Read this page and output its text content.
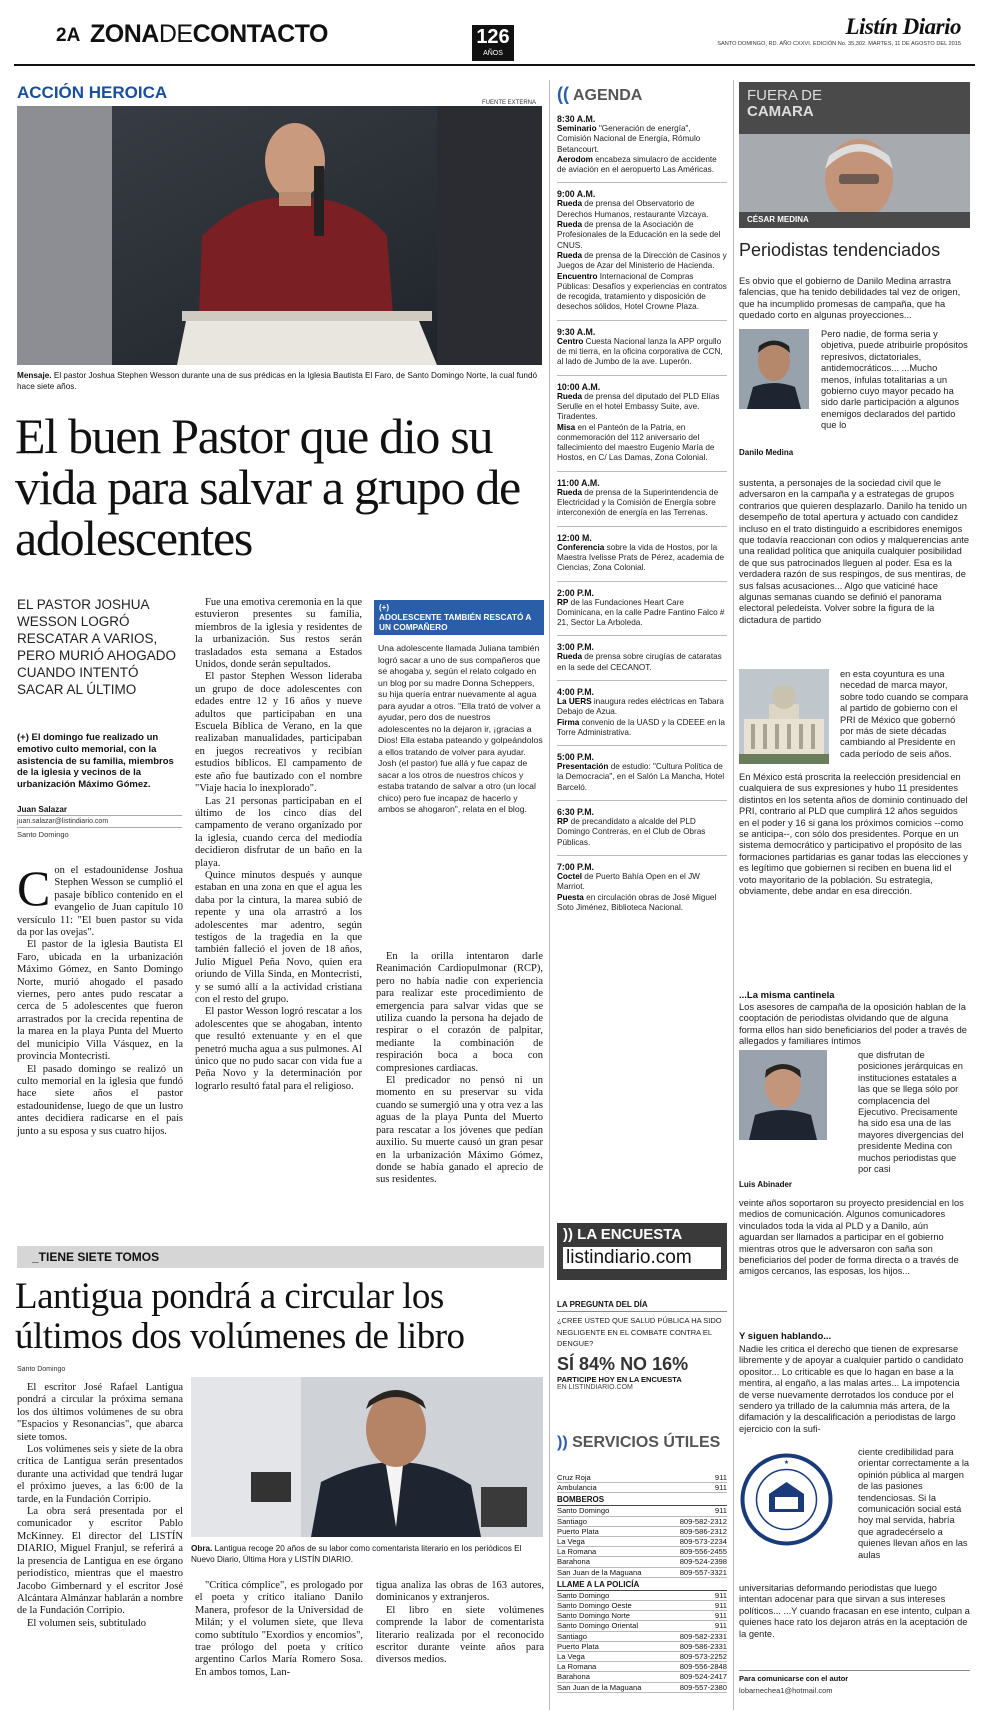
2A ZONADECONTACTO	126
AÑOS
Listín Diario
SANTO DOMINGO, RD. AÑO CXXVI. EDICIÓN No. 35,302. MARTES, 11 DE AGOSTO DEL 2015
ACCIÓN HEROICA
FUENTE EXTERNA
Mensaje. El pastor Joshua Stephen Wesson durante una de sus prédicas en la Iglesia Bautista El Faro, de Santo Domingo Norte, la cual fundó hace siete años.
El buen Pastor que dio su vida para salvar a grupo de adolescentes
EL PASTOR JOSHUA WESSON LOGRÓ RESCATAR A VARIOS, PERO MURIÓ AHOGADO CUANDO INTENTÓ SACAR AL ÚLTIMO
(+) El domingo fue realizado un emotivo culto memorial, con la asistencia de su familia, miembros de la iglesia y vecinos de la urbanización Máximo Gómez.
Juan Salazar
juan.salazar@listindiario.com
Santo Domingo
C on el estadounidense Joshua Stephen Wesson se cumplió el pasaje bíblico contenido en el evangelio de Juan capítulo 10 versículo 11: "El buen pastor su vida da por las ovejas".

El pastor de la iglesia Bautista El Faro, ubicada en la urbanización Máximo Gómez, en Santo Domingo Norte, murió ahogado el pasado viernes, pero antes pudo rescatar a cerca de 5 adolescentes que fueron arrastrados por la crecida repentina de la marea en la playa Punta del Muerto del municipio Villa Vásquez, en la provincia Montecristi.

El pasado domingo se realizó un culto memorial en la iglesia que fundó hace siete años el pastor estadounidense, luego de que un lustro antes decidiera radicarse en el país junto a su esposa y sus cuatro hijos.

Fue una emotiva ceremonia en la que estuvieron presentes su familia, miembros de la iglesia y residentes de la urbanización. Sus restos serán trasladados esta semana a Estados Unidos, donde serán sepultados.

El pastor Stephen Wesson lideraba un grupo de doce adolescentes con edades entre 12 y 16 años y nueve adultos que participaban en una Escuela Bíblica de Verano, en la que realizaban manualidades, participaban en juegos recreativos y recibían estudios bíblicos. El campamento de este año fue bautizado con el nombre "Viaje hacia lo inexplorado".

Las 21 personas participaban en el último de los cinco días del campamento de verano organizado por la iglesia, cuando cerca del mediodía decidieron disfrutar de un baño en la playa.

Quince minutos después y aunque estaban en una zona en que el agua les daba por la cintura, la marea subió de repente y una ola arrastró a los adolescentes mar adentro, según testigos de la tragedia en la que también falleció el joven de 18 años, Julio Miguel Peña Novo, quien era oriundo de Villa Sinda, en Montecristi, y se sumó allí a la actividad cristiana con el resto del grupo.

El pastor Wesson logró rescatar a los adolescentes que se ahogaban, intento que resultó extenuante y en el que penetró mucha agua a sus pulmones. Al único que no pudo sacar con vida fue a Peña Novo y la determinación por lograrlo resultó fatal para el religioso.

(+)
ADOLESCENTE TAMBIÉN RESCATÓ A UN COMPAÑERO
Una adolescente llamada Juliana también logró sacar a uno de sus compañeros que se ahogaba y, según el relato colgado en un blog por su madre Donna Scheppers, su hija quería entrar nuevamente al agua para ayudar a otros. "Ella trató de volver a ayudar, pero dos de nuestros adolescentes no la dejaron ir, ¡gracias a Dios! Ella estaba pateando y golpeándolos a ellos tratando de volver para ayudar. Josh (el pastor) fue allá y fue capaz de sacar a los otros de nuestros chicos y estaba tratando de salvar a otro (un local chico) pero fue incapaz de hacerlo y ambos se ahogaron", relata en el blog.

En la orilla intentaron darle Reanimación Cardiopulmonar (RCP), pero no había nadie con experiencia para realizar este procedimiento de emergencia para salvar vidas que se utiliza cuando la persona ha dejado de respirar o el corazón de palpitar, mediante la combinación de respiración boca a boca con compresiones cardiacas.

El predicador no pensó ni un momento en su preservar su vida cuando se sumergió una y otra vez a las aguas de la playa Punta del Muerto para rescatar a los jóvenes que pedían auxilio. Su muerte causó un gran pesar en la urbanización Máximo Gómez, donde se había ganado el aprecio de sus residentes.

_TIENE SIETE TOMOS
Lantigua pondrá a circular los últimos dos volúmenes de libro
Santo Domingo

El escritor José Rafael Lantigua pondrá a circular la próxima semana los dos últimos volúmenes de su obra "Espacios y Resonancias", que abarca siete tomos.

Los volúmenes seis y siete de la obra crítica de Lantigua serán presentados durante una actividad que tendrá lugar el próximo jueves, a las 6:00 de la tarde, en la Fundación Corripio.

La obra será presentada por el comunicador y escritor Pablo McKinney. El director del LISTÍN DIARIO, Miguel Franjul, se referirá a la presencia de Lantigua en ese órgano periodístico, mientras que el maestro Jacobo Gimbernard y el escritor José Alcántara Almánzar hablarán a nombre de la Fundación Corripio.

El volumen seis, subtitulado

Obra. Lantigua recoge 20 años de su labor como comentarista literario en los periódicos El Nuevo Diario, Última Hora y LISTÍN DIARIO.

"Crítica cómplice", es prologado por el poeta y crítico italiano Danilo Manera, profesor de la Universidad de Milán; y el volumen siete, que lleva como subtítulo "Exordios y encomios", trae prólogo del poeta y crítico argentino Carlos María Romero Sosa. En ambos tomos, Lan-

tigua analiza las obras de 163 autores, dominicanos y extranjeros.

El libro en siete volúmenes comprende la labor de comentarista literario realizada por el reconocido escritor durante veinte años para diversos medios.

(( AGENDA
8:30 A.M.

Seminario "Generación de energía", Comisión Nacional de Energía, Rómulo Betancourt.

Aerodom encabeza simulacro de accidente de aviación en el aeropuerto Las Américas.

9:00 A.M.

Rueda de prensa del Observatorio de Derechos Humanos, restaurante Vizcaya.

Rueda de prensa de la Asociación de Profesionales de la Educación en la sede del CNUS.

Rueda de prensa de la Dirección de Casinos y Juegos de Azar del Ministerio de Hacienda.

Encuentro Internacional de Compras Públicas: Desafíos y experiencias en contratos de recogida, tratamiento y disposición de desechos sólidos, Hotel Crowne Plaza.

9:30 A.M.

Centro Cuesta Nacional lanza la APP orgullo de mi tierra, en la oficina corporativa de CCN, al lado de Jumbo de la ave. Luperón.

10:00 A.M.

Rueda de prensa del diputado del PLD Elías Serulle en el hotel Embassy Suite, ave. Tiradentes.

Misa en el Panteón de la Patria, en conmemoración del 112 aniversario del fallecimiento del maestro Eugenio María de Hostos, en C/ Las Damas, Zona Colonial.

11:00 A.M.

Rueda de prensa de la Superintendencia de Electricidad y la Comisión de Energía sobre interconexión de energía en las Terrenas.

12:00 M.

Conferencia sobre la vida de Hostos, por la Maestra Ivelisse Prats de Pérez, academia de Ciencias, Zona Colonial.

2:00 P.M.

RP de las Fundaciones Heart Care Dominicana, en la calle Padre Fantino Falco # 21, Sector La Arboleda.

3:00 P.M.

Rueda de prensa sobre cirugías de cataratas en la sede del CECANOT.

4:00 P.M.

La UERS inaugura redes eléctricas en Tabara Debajo de Azua.

Firma convenio de la UASD y la CDEEE en la Torre Administrativa.

5:00 P.M.

Presentación de estudio: "Cultura Política de la Democracia", en el Salón La Mancha, Hotel Barceló.

6:30 P.M.

RP de precandidato a alcalde del PLD Domingo Contreras, en el Club de Obras Públicas.

7:00 P.M.

Coctel de Puerto Bahía Open en el JW Marriot.

Puesta en circulación obras de José Miguel Soto Jiménez, Biblioteca Nacional.

)) LA ENCUESTA
listindiario.com
LA PREGUNTA DEL DÍA
¿CREE USTED QUE SALUD PÚBLICA HA SIDO NEGLIGENTE EN EL COMBATE CONTRA EL DENGUE?
SÍ 84% NO 16%
PARTICIPE HOY EN LA ENCUESTA
EN LISTINDIARIO.COM
)) SERVICIOS ÚTILES
Cruz Roja	911
Ambulancia	911
BOMBEROS
Santo Domingo	911
Santiago	809-582-2312
Puerto Plata	809-586-2312
La Vega	809-573-2234
La Romana	809-556-2455
Barahona	809-524-2398
San Juan de la Maguana	809-557-3321
LLAME A LA POLICÍA
Santo Domingo	911
Santo Domingo Oeste	911
Santo Domingo Norte	911
Santo Domingo Oriental	911
Santiago	809-582-2331
Puerto Plata	809-586-2331
La Vega	809-573-2252
La Romana	809-556-2848
Barahona	809-524-2417
San Juan de la Maguana	809-557-2380
FUERA DE
CAMARA
CÉSAR MEDINA
Periodistas tendenciados
Es obvio que el gobierno de Danilo Medina arrastra falencias, que ha tenido debilidades tal vez de origen, que ha incumplido promesas de campaña, que ha quedado corto en algunas proyecciones...
Danilo Medina
Pero nadie, de forma seria y objetiva, puede atribuirle propósitos represivos, dictatoriales, antidemocráticos... ...Mucho menos, ínfulas totalitarias a un gobierno cuyo mayor pecado ha sido darle participación a algunos enemigos declarados del partido que lo
sustenta, a personajes de la sociedad civil que le adversaron en la campaña y a estrategas de grupos contrarios que quieren desplazarlo. Danilo ha tenido un desempeño de total apertura y actuado con candidez incluso en el trato distinguido a escribidores enemigos que todavía reaccionan con odios y malquerencias ante una realidad política que aniquila cualquier posibilidad de que sus patrocinados lleguen al poder. Esa es la verdadera razón de sus respingos, de sus mentiras, de sus falsas acusaciones... Algo que vaticiné hace algunas semanas cuando se definió el panorama electoral peledeista. Volver sobre la figura de la dictadura de partido
en esta coyuntura es una necedad de marca mayor, sobre todo cuando se compara al partido de gobierno con el PRI de México que gobernó por más de siete décadas cambiando al Presidente en cada período de seis años.
En México está proscrita la reelección presidencial en cualquiera de sus expresiones y hubo 11 presidentes distintos en los setenta años de dominio continuado del PRI, contrario al PLD que cumplirá 12 años seguidos en el poder y 16 si gana los próximos comicios --como se anticipa--, con sólo dos presidentes. Porque en un sistema democrático y participativo el propósito de las formaciones partidarias es ganar todas las elecciones y es legítimo que gobiernen si reciben en buena lid el voto mayoritario de la población. Su estrategia, obviamente, debe andar en esa dirección.
...La misma cantinela
Los asesores de campaña de la oposición hablan de la cooptación de periodistas olvidando que de alguna forma ellos han sido beneficiarios del poder a través de allegados y familiares íntimos
Luis Abinader
que disfrutan de posiciones jerárquicas en instituciones estatales a las que se llega sólo por complacencia del Ejecutivo. Precisamente ha sido esa una de las mayores divergencias del presidente Medina con muchos periodistas que por casi
veinte años soportaron su proyecto presidencial en los medios de comunicación. Algunos comunicadores vinculados toda la vida al PLD y a Danilo, aún aguardan ser llamados a participar en el gobierno mientras otros que le adversaron con saña son beneficiarios del poder de forma directa o a través de amigos cercanos, las esposas, los hijos...
Y siguen hablando...
Nadie les critica el derecho que tienen de expresarse libremente y de apoyar a cualquier partido o candidato opositor... Lo criticable es que lo hagan en base a la mentira, al engaño, a las malas artes... La impotencia de verse nuevamente derrotados los conduce por el sendero ya trillado de la calumnia más artera, de la difamación y la descalificación a periodistas de largo ejercicio con la sufi-
★
ciente credibilidad para orientar correctamente a la opinión pública al margen de las pasiones tendenciosas. Si la comunicación social está hoy mal servida, habría que agradecérselo a quienes llevan años en las aulas
universitarias deformando periodistas que luego intentan adocenar para que sirvan a sus intereses políticos... ...Y cuando fracasan en ese intento, culpan a quienes hace rato los dejaron atrás en la aceptación de la gente.
Para comunicarse con el autor
lobarnechea1@hotmail.com
